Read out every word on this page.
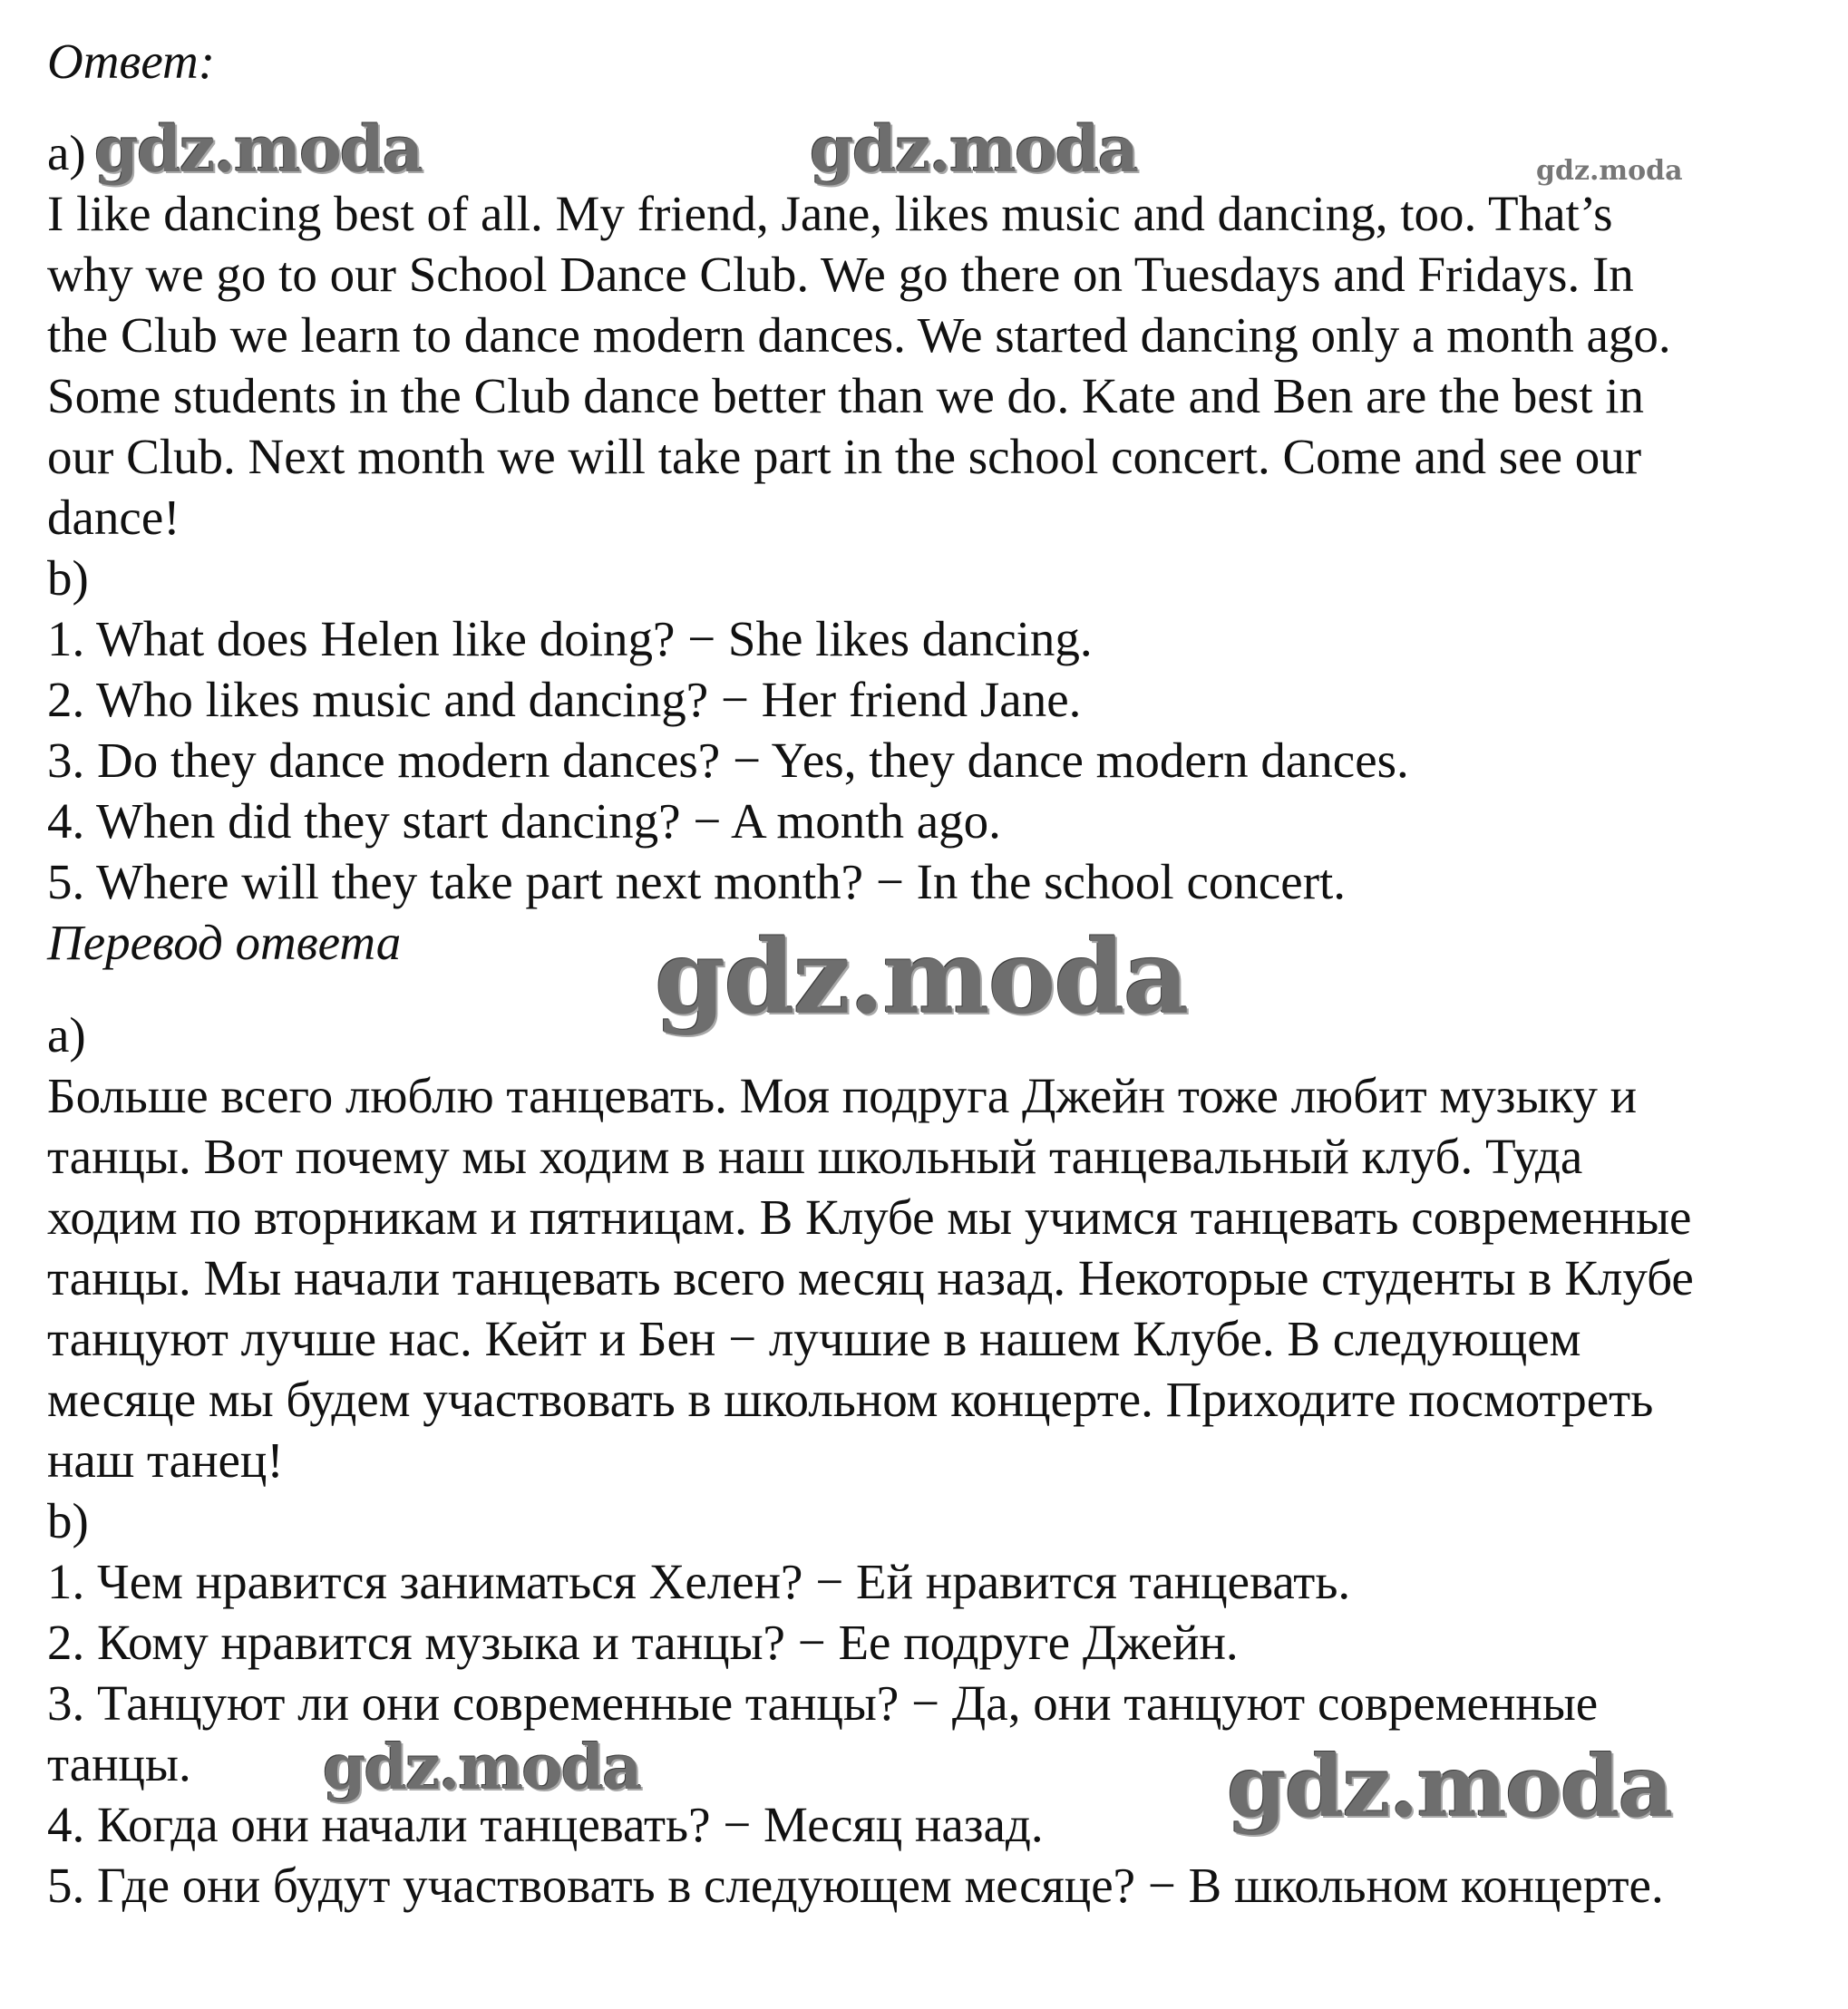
Ответ:
a)
I like dancing best of all. My friend, Jane, likes music and dancing, too. That’s
why we go to our School Dance Club. We go there on Tuesdays and Fridays. In
the Club we learn to dance modern dances. We started dancing only a month ago.
Some students in the Club dance better than we do. Kate and Ben are the best in
our Club. Next month we will take part in the school concert. Come and see our
dance!
b)
1. What does Helen like doing? − She likes dancing.
2. Who likes music and dancing? − Her friend Jane.
3. Do they dance modern dances? − Yes, they dance modern dances.
4. When did they start dancing? − A month ago.
5. Where will they take part next month? − In the school concert.
Перевод ответа
a)
Больше всего люблю танцевать. Моя подруга Джейн тоже любит музыку и
танцы. Вот почему мы ходим в наш школьный танцевальный клуб. Туда
ходим по вторникам и пятницам. В Клубе мы учимся танцевать современные
танцы. Мы начали танцевать всего месяц назад. Некоторые студенты в Клубе
танцуют лучше нас. Кейт и Бен − лучшие в нашем Клубе. В следующем
месяце мы будем участвовать в школьном концерте. Приходите посмотреть
наш танец!
b)
1. Чем нравится заниматься Хелен? − Ей нравится танцевать.
2. Кому нравится музыка и танцы? − Ее подруге Джейн.
3. Танцуют ли они современные танцы? − Да, они танцуют современные
танцы.
4. Когда они начали танцевать? − Месяц назад.
5. Где они будут участвовать в следующем месяце? − В школьном концерте.
gdz.moda	gdz.moda	gdz.moda
gdz.moda
gdz.moda	gdz.moda
